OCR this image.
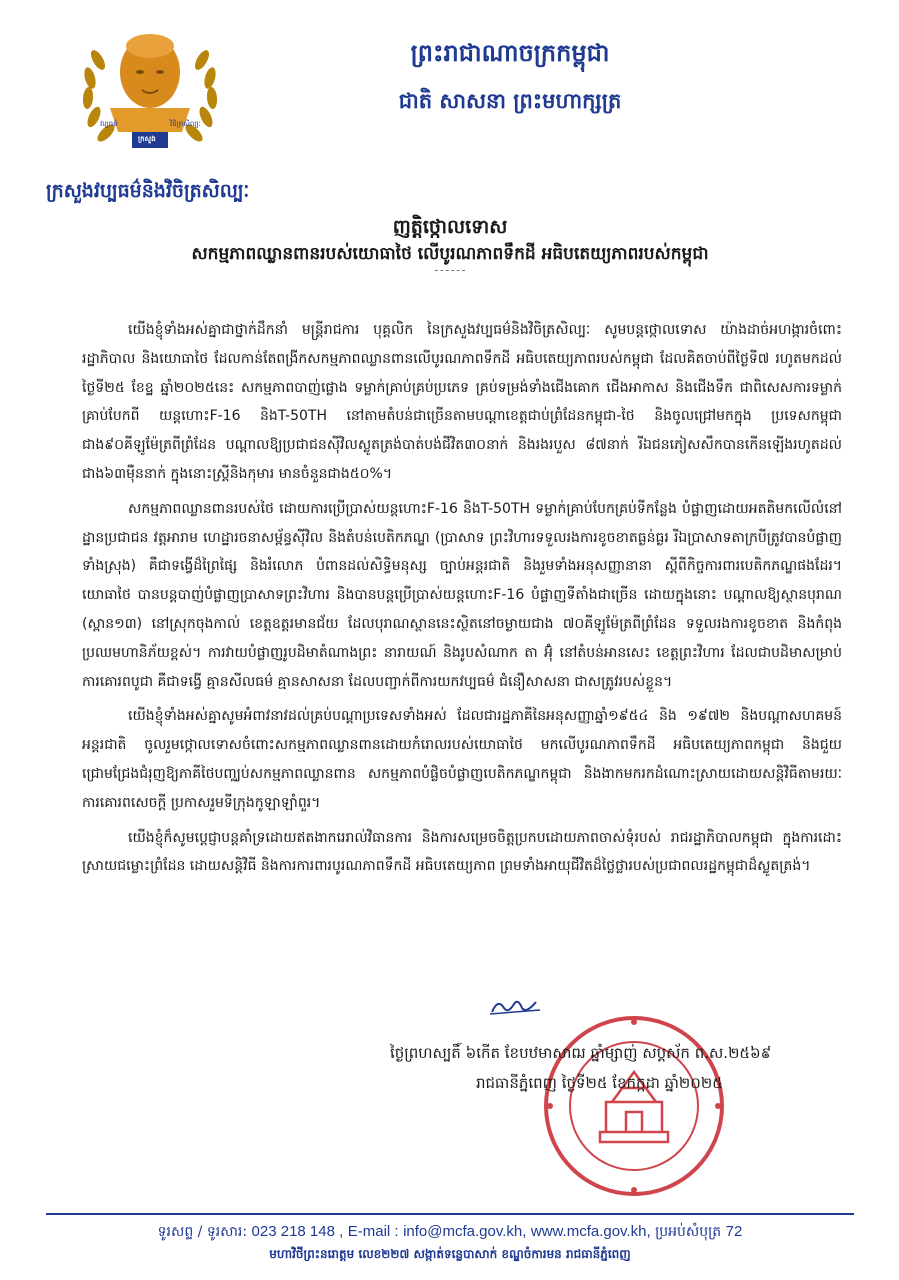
ក្រសួង
វប្បធម៌	វិចិត្រសិល្បៈ
ព្រះរាជាណាចក្រកម្ពុជា
ជាតិ សាសនា ព្រះមហាក្សត្រ
ក្រសួងវប្បធម៌និងវិចិត្រសិល្បៈ
ញត្តិថ្កោលទោស
សកម្មភាពឈ្លានពានរបស់យោធាថៃ លើបូរណភាពទឹកដី អធិបតេយ្យភាពរបស់កម្ពុជា

យើងខ្ញុំទាំងអស់គ្នាជាថ្នាក់ដឹកនាំ មន្ត្រីរាជការ បុគ្គលិក នៃក្រសួងវប្បធម៌និងវិចិត្រសិល្បៈ សូមបន្តថ្កោលទោស យ៉ាងដាច់អហង្ការចំពោះរដ្ឋាភិបាល និងយោធាថៃ ដែលកាន់តែពង្រីកសកម្មភាពឈ្លានពានលើបូរណភាពទឹកដី អធិបតេយ្យភាពរបស់កម្ពុជា ដែលគិតចាប់ពីថ្ងៃទី៧ រហូតមកដល់ថ្ងៃទី២៥ ខែឧ្ឋ ឆ្នាំ២០២៥នេះ សកម្មភាពបាញ់ផ្លោង ទម្លាក់គ្រាប់គ្រប់ប្រភេទ គ្រប់ទម្រង់ទាំងជើងគោក ជើងអាកាស និងជើងទឹក ជាពិសេសការទម្លាក់គ្រាប់បែកពី យន្តហោះF-16 និងT-50TH នៅតាមតំបន់ជាច្រើនតាមបណ្តាខេត្តជាប់ព្រំដែនកម្ពុជា-ថៃ និងចូលជ្រៅមកក្នុង ប្រទេសកម្ពុជាជាង៩០គីឡូម៉ែត្រពីព្រំដែន បណ្តាលឱ្យប្រជាជនស៊ីវិលស្លូតត្រង់បាត់បង់ជីវិត៣០នាក់ និងរងរបួស ៨៧នាក់ រីឯជនភៀសសឹកបានកើនឡើងរហូតដល់ជាង៦៣ម៉ឺននាក់ ក្នុងនោះស្ត្រីនិងកុមារ មានចំនួនជាង៥០%។

សកម្មភាពឈ្លានពានរបស់ថៃ ដោយការប្រើប្រាស់យន្តហោះF-16 និងT-50TH ទម្លាក់គ្រាប់បែកគ្រប់ទីកន្លែង បំផ្លាញដោយអតតិមកលើលំនៅដ្ឋានប្រជាជន វត្តអារាម ហេដ្ឋារចនាសម្ព័ន្ធស៊ីវិល និងតំបន់បេតិកភណ្ឌ (ប្រាសាទ ព្រះវិហារទទួលរងការខូចខាតធ្ងន់ធ្ងរ រីឯប្រាសាទតាក្របីត្រូវបានបំផ្លាញទាំងស្រុង) គឺជាទង្វើដ៏ព្រៃផ្សៃ និងរំលោភ បំពានដល់សិទ្ធិមនុស្ស ច្បាប់អន្តរជាតិ និងរួមទាំងអនុសញ្ញានានា ស្តីពីកិច្ចការពារបេតិកភណ្ឌផងដែរ។ យោធាថៃ បានបន្តបាញ់បំផ្លាញប្រាសាទព្រះវិហារ និងបានបន្តប្រើប្រាស់យន្តហោះF-16 បំផ្លាញទីតាំងជាច្រើន ដោយក្នុងនោះ បណ្តាលឱ្យស្ថានបុរាណ (ស្ពាន១៣) នៅស្រុកចុងកាល់ ខេត្តឧត្តរមានជ័យ ដែលបុរាណស្ថាននេះស្ថិតនៅចម្ងាយជាង ៧០គីឡូម៉ែត្រពីព្រំដែន ទទួលរងការខូចខាត និងកំពុងប្រឈមហានិភ័យខ្ពស់។ ការវាយបំផ្លាញរូបដិមាតំណាងព្រះ នារាយណ៍ និងរូបសំណាក តា អ៊ុំ នៅតំបន់អានសេះ ខេត្តព្រះវិហារ ដែលជាបដិមាសម្រាប់ការគោរពបូជា គឺជាទង្វើ គ្មានសីលធម៌ គ្មានសាសនា ដែលបញ្ជាក់ពីការយកវប្បធម៌ ជំនឿសាសនា ជាសត្រូវរបស់ខ្លួន។

យើងខ្ញុំទាំងអស់គ្នាសូមអំពាវនាវដល់គ្រប់បណ្តាប្រទេសទាំងអស់ ដែលជារដ្ឋភាគីនៃអនុសញ្ញាឆ្នាំ១៩៥៤ និង ១៩៧២ និងបណ្តាសហគមន៍អន្តរជាតិ ចូលរួមថ្កោលទោសចំពោះសកម្មភាពឈ្លានពានដោយកំរោលរបស់យោធាថៃ មកលើបូរណភាពទឹកដី អធិបតេយ្យភាពកម្ពុជា និងជួយជ្រោមជ្រែងជំរុញឱ្យភាគីថៃបញ្ឈប់សកម្មភាពឈ្លានពាន សកម្មភាពបំផ្លិចបំផ្លាញបេតិកភណ្ឌកម្ពុជា និងងាកមករកដំណោះស្រាយដោយសន្តិវិធីតាមរយៈការគោរពសេចក្តី ប្រកាសរួមទីក្រុងកូឡាឡាំពួរ។

យើងខ្ញុំក៏សូមប្តេជ្ញាបន្តគាំទ្រដោយឥតងាករេរាល់វិធានការ និងការសម្រេចចិត្តប្រកបដោយភាពចាស់ទុំរបស់ រាជរដ្ឋាភិបាលកម្ពុជា ក្នុងការដោះស្រាយជម្លោះព្រំដែន ដោយសន្តិវិធី និងការការពារបូរណភាពទឹកដី អធិបតេយ្យភាព ព្រមទាំងអាយុជីវិតដ៏ថ្លៃថ្លារបស់ប្រជាពលរដ្ឋកម្ពុជាដ៏ស្លូតត្រង់។

ថ្ងៃព្រហស្បតិ៍ ៦កើត ខែបឋមាសាឍ ឆ្នាំម្សាញ់ សប្តស័ក ព.ស.២៥៦៩
រាជធានីភ្នំពេញ ថ្ងៃទី២៥ ខែកក្កដា ឆ្នាំ២០២៥
ទូរសព្ទ / ទូរសារ: 023 218 148 , E-mail : info@mcfa.gov.kh, www.mcfa.gov.kh, ប្រអប់សំបុត្រ 72
មហាវិថីព្រះនរោត្តម លេខ២២៧ សង្កាត់ទន្លេបាសាក់ ខណ្ឌចំការមន រាជធានីភ្នំពេញ
